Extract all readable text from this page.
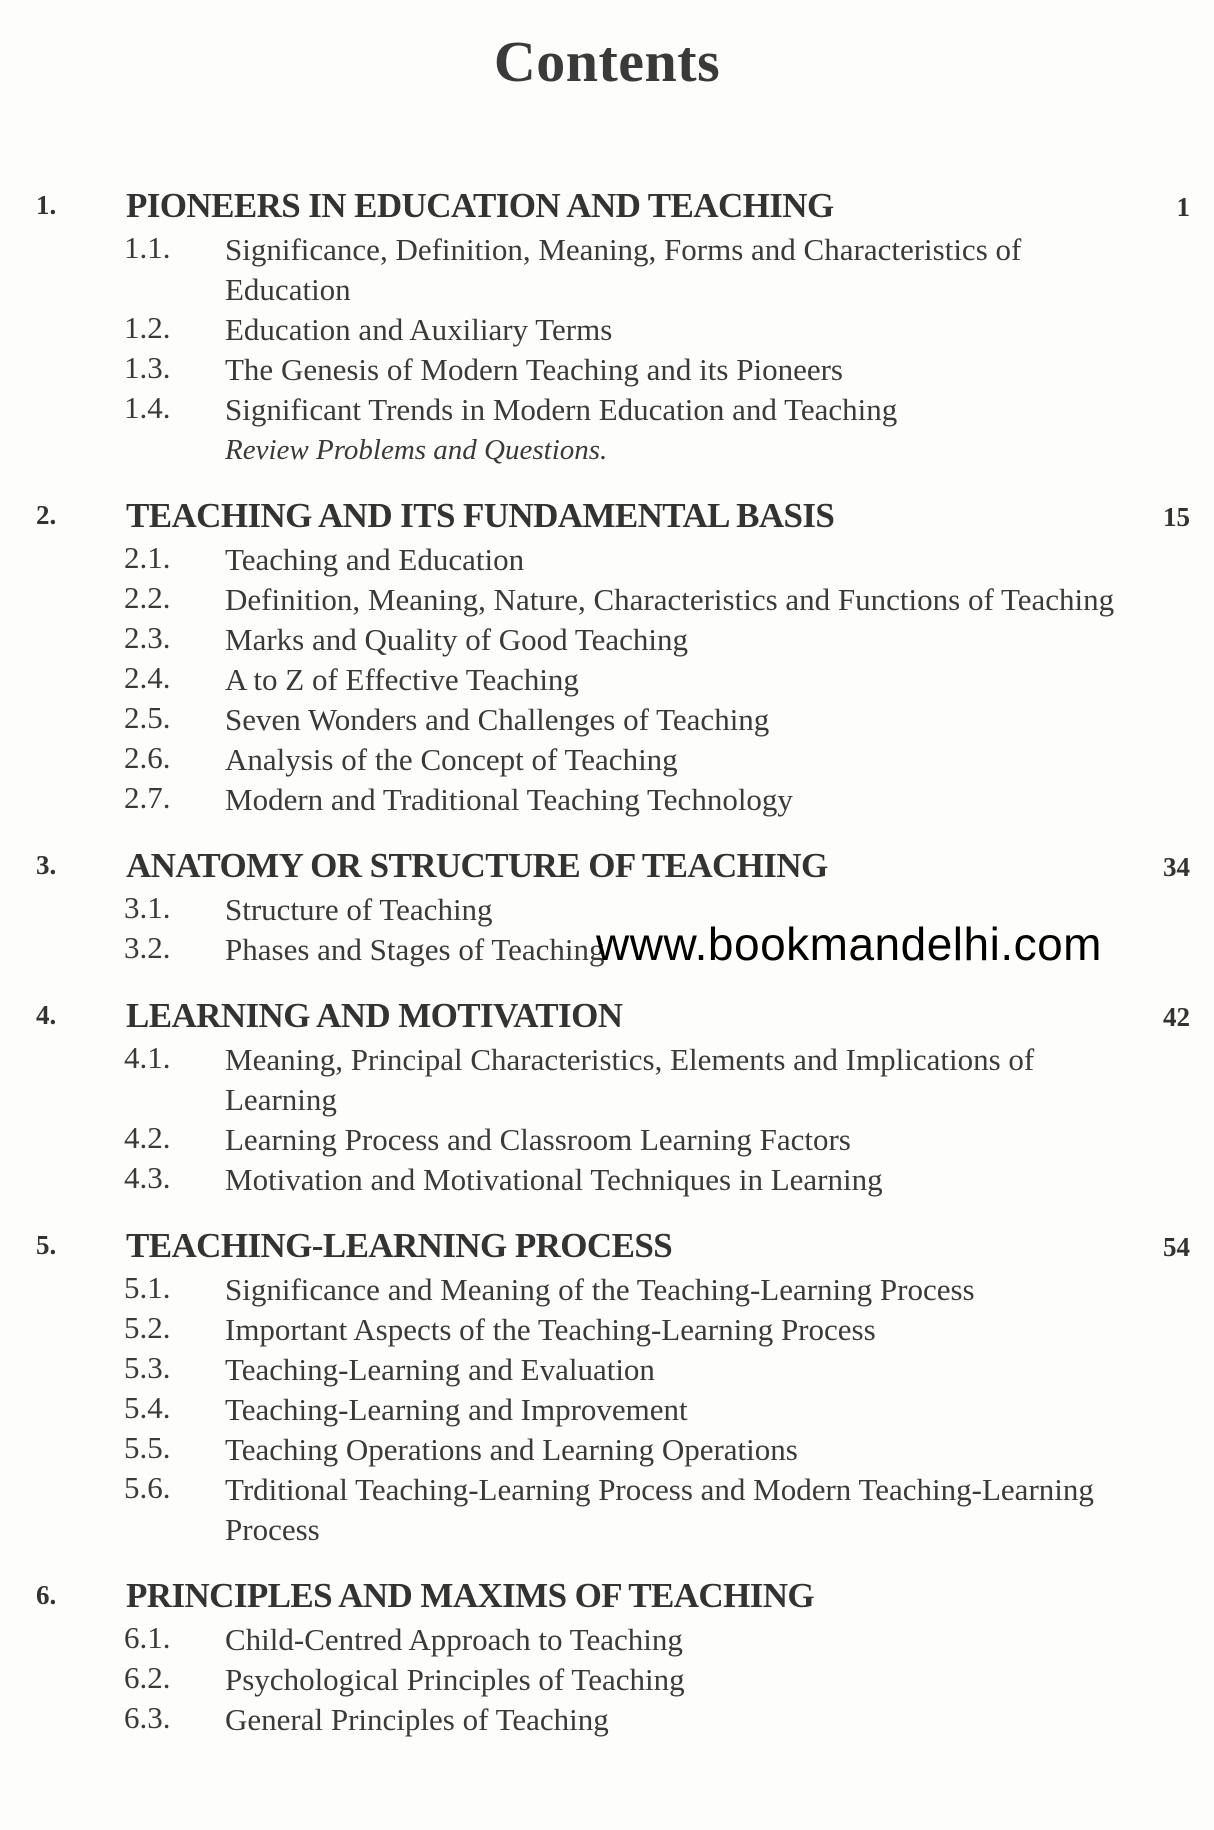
Contents
1. PIONEERS IN EDUCATION AND TEACHING	1
1.1. Significance, Definition, Meaning, Forms and Characteristics of Education
1.2. Education and Auxiliary Terms
1.3. The Genesis of Modern Teaching and its Pioneers
1.4. Significant Trends in Modern Education and Teaching
Review Problems and Questions.
2. TEACHING AND ITS FUNDAMENTAL BASIS	15
2.1. Teaching and Education
2.2. Definition, Meaning, Nature, Characteristics and Functions of Teaching
2.3. Marks and Quality of Good Teaching
2.4. A to Z of Effective Teaching
2.5. Seven Wonders and Challenges of Teaching
2.6. Analysis of the Concept of Teaching
2.7. Modern and Traditional Teaching Technology
3. ANATOMY OR STRUCTURE OF TEACHING	34
3.1. Structure of Teaching
3.2. Phases and Stages of Teaching
4. LEARNING AND MOTIVATION	42
4.1. Meaning, Principal Characteristics, Elements and Implications of Learning
4.2. Learning Process and Classroom Learning Factors
4.3. Motivation and Motivational Techniques in Learning
5. TEACHING-LEARNING PROCESS	54
5.1. Significance and Meaning of the Teaching-Learning Process
5.2. Important Aspects of the Teaching-Learning Process
5.3. Teaching-Learning and Evaluation
5.4. Teaching-Learning and Improvement
5.5. Teaching Operations and Learning Operations
5.6. Trditional Teaching-Learning Process and Modern Teaching-Learning Process
6. PRINCIPLES AND MAXIMS OF TEACHING
6.1. Child-Centred Approach to Teaching
6.2. Psychological Principles of Teaching
6.3. General Principles of Teaching
www.bookmandelhi.com
